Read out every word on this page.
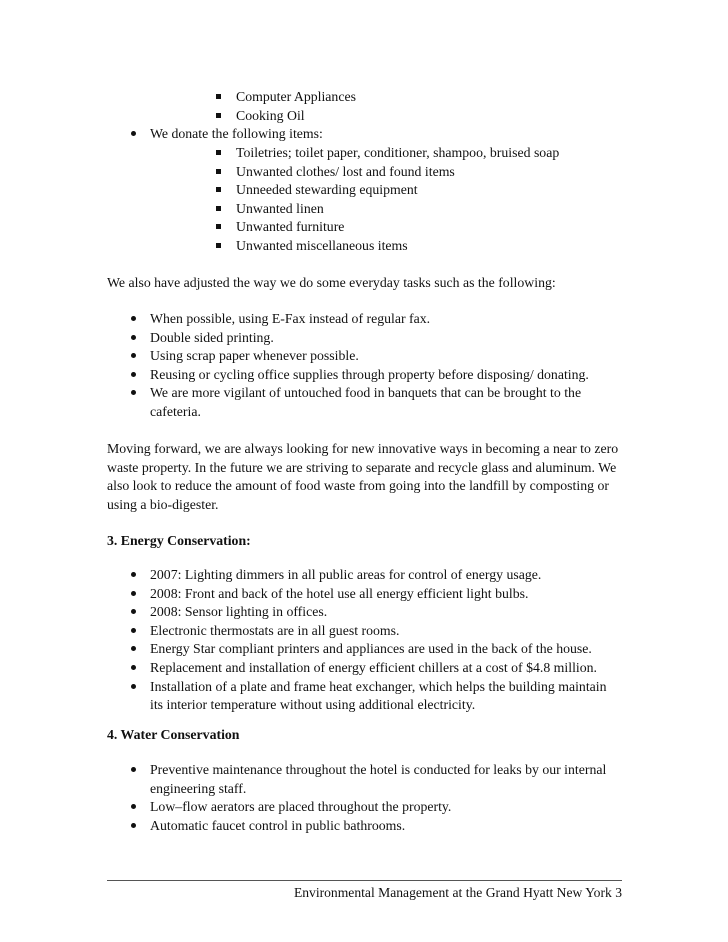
Computer Appliances
Cooking Oil
We donate the following items:
Toiletries; toilet paper, conditioner, shampoo, bruised soap
Unwanted clothes/ lost and found items
Unneeded stewarding equipment
Unwanted linen
Unwanted furniture
Unwanted miscellaneous items
We also have adjusted the way we do some everyday tasks such as the following:
When possible, using E-Fax instead of regular fax.
Double sided printing.
Using scrap paper whenever possible.
Reusing or cycling office supplies through property before disposing/ donating.
We are more vigilant of untouched food in banquets that can be brought to the cafeteria.
Moving forward, we are always looking for new innovative ways in becoming a near to zero waste property. In the future we are striving to separate and recycle glass and aluminum. We also look to reduce the amount of food waste from going into the landfill by composting or using a bio-digester.
3. Energy Conservation:
2007: Lighting dimmers in all public areas for control of energy usage.
2008: Front and back of the hotel use all energy efficient light bulbs.
2008: Sensor lighting in offices.
Electronic thermostats are in all guest rooms.
Energy Star compliant printers and appliances are used in the back of the house.
Replacement and installation of energy efficient chillers at a cost of $4.8 million.
Installation of a plate and frame heat exchanger, which helps the building maintain its interior temperature without using additional electricity.
4. Water Conservation
Preventive maintenance throughout the hotel is conducted for leaks by our internal engineering staff.
Low–flow aerators are placed throughout the property.
Automatic faucet control in public bathrooms.
Environmental Management at the Grand Hyatt New York 3
